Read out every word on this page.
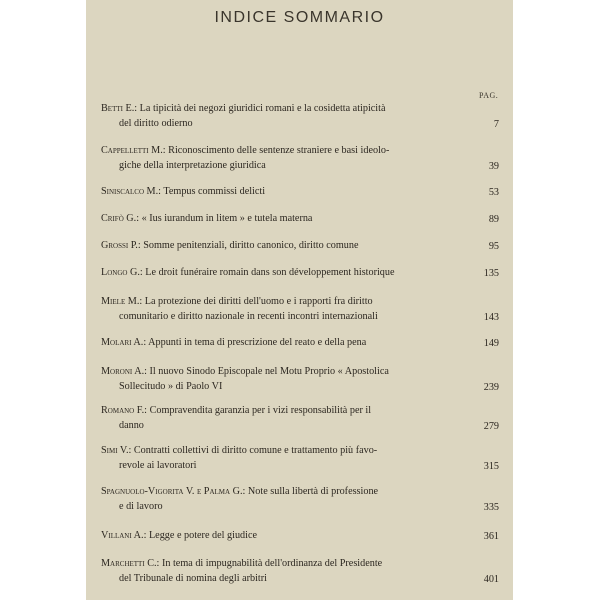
INDICE SOMMARIO
PAG.
Betti E.: La tipicità dei negozi giuridici romani e la cosidetta atipicità
del diritto odierno	7
Cappelletti M.: Riconoscimento delle sentenze straniere e basi ideolo-
giche della interpretazione giuridica	39
Siniscalco M.: Tempus commissi delicti	53
Crifò G.: « Ius iurandum in litem » e tutela materna	89
Grossi P.: Somme penitenziali, diritto canonico, diritto comune	95
Longo G.: Le droit funéraire romain dans son développement historique	135
Miele M.: La protezione dei diritti dell'uomo e i rapporti fra diritto
comunitario e diritto nazionale in recenti incontri internazionali	143
Molari A.: Appunti in tema di prescrizione del reato e della pena	149
Moroni A.: Il nuovo Sinodo Episcopale nel Motu Proprio « Apostolica
Sollecitudo » di Paolo VI	239
Romano F.: Compravendita garanzia per i vizi responsabilità per il
danno	279
Simi V.: Contratti collettivi di diritto comune e trattamento più favo-
revole ai lavoratori	315
Spagnuolo-Vigorita V. e Palma G.: Note sulla libertà di professione
e di lavoro	335
Villani A.: Legge e potere del giudice	361
Marchetti C.: In tema di impugnabilità dell'ordinanza del Presidente
del Tribunale di nomina degli arbitri	401
